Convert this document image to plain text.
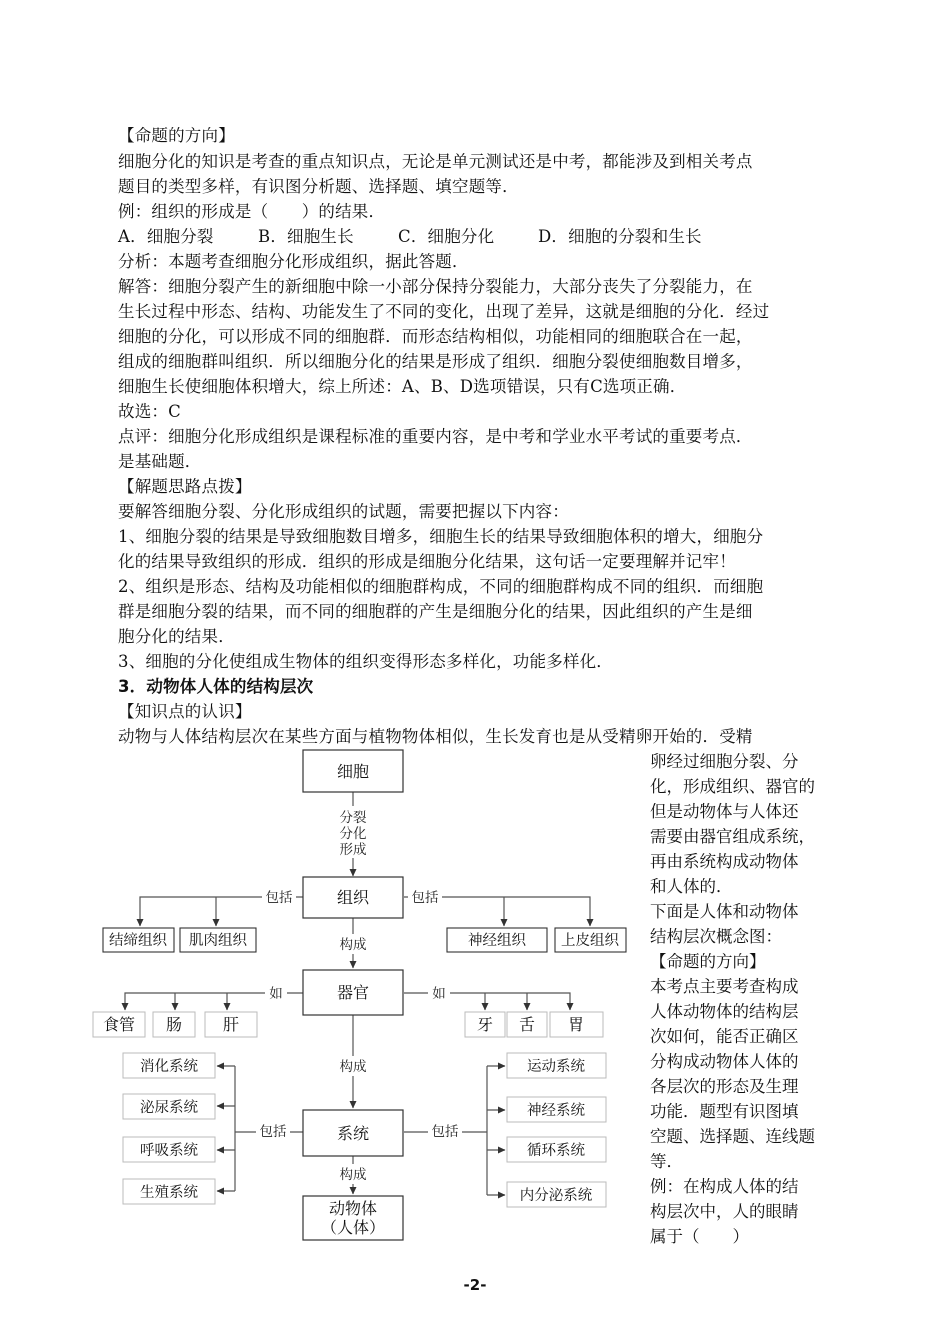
【命题的方向】
细胞分化的知识是考查的重点知识点，无论是单元测试还是中考，都能涉及到相关考点
题目的类型多样，有识图分析题、选择题、填空题等．
例：组织的形成是（　　）的结果．
A．细胞分裂	B．细胞生长	C．细胞分化	D．细胞的分裂和生长
分析：本题考查细胞分化形成组织，据此答题．
解答：细胞分裂产生的新细胞中除一小部分保持分裂能力，大部分丧失了分裂能力，在
生长过程中形态、结构、功能发生了不同的变化，出现了差异，这就是细胞的分化．经过
细胞的分化，可以形成不同的细胞群．而形态结构相似，功能相同的细胞联合在一起，
组成的细胞群叫组织．所以细胞分化的结果是形成了组织．细胞分裂使细胞数目增多，
细胞生长使细胞体积增大，综上所述：A、B、D选项错误，只有C选项正确．
故选：C
点评：细胞分化形成组织是课程标准的重要内容，是中考和学业水平考试的重要考点．
是基础题．
【解题思路点拨】
要解答细胞分裂、分化形成组织的试题，需要把握以下内容：
1、细胞分裂的结果是导致细胞数目增多，细胞生长的结果导致细胞体积的增大，细胞分
化的结果导致组织的形成．组织的形成是细胞分化结果，这句话一定要理解并记牢！
2、组织是形态、结构及功能相似的细胞群构成，不同的细胞群构成不同的组织．而细胞
群是细胞分裂的结果，而不同的细胞群的产生是细胞分化的结果，因此组织的产生是细
胞分化的结果．
3、细胞的分化使组成生物体的组织变得形态多样化，功能多样化．
3．动物体人体的结构层次
【知识点的认识】
动物与人体结构层次在某些方面与植物物体相似，生长发育也是从受精卵开始的．受精
卵经过细胞分裂、分
化，形成组织、器官的
但是动物体与人体还
需要由器官组成系统，
再由系统构成动物体
和人体的．
下面是人体和动物体
结构层次概念图：
【命题的方向】
本考点主要考查构成
人体动物体的结构层
次如何，能否正确区
分构成动物体人体的
各层次的形态及生理
功能．题型有识图填
空题、选择题、连线题
等．
例：在构成人体的结
构层次中，人的眼睛
属于（　　）
分裂
分化
形成
包括	包括
构成
如	如
构成
包括	包括
构成
细胞
组织
器官
系统
动物体
（人体）
结缔组织 肌肉组织	神经组织 上皮组织
食管 肠	肝	牙 舌 胃
消化系统
泌尿系统
呼吸系统
生殖系统
运动系统
神经系统
循环系统
内分泌系统
-2-
